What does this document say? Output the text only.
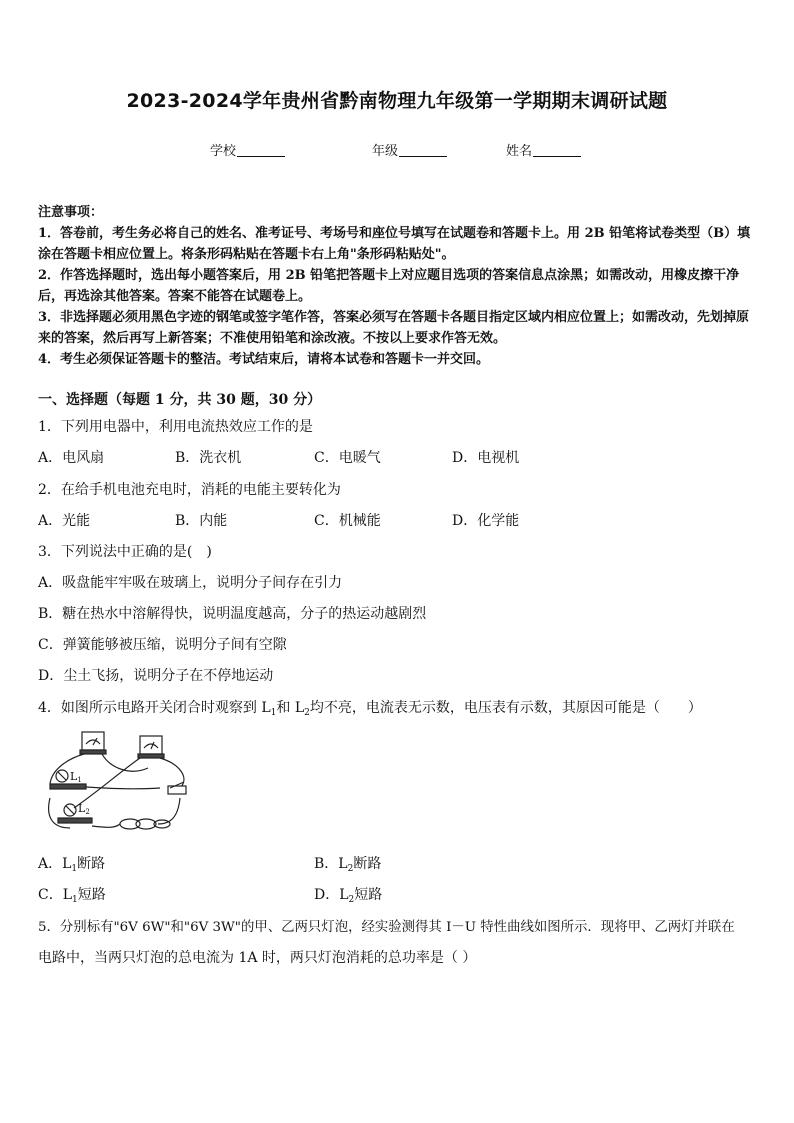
2023-2024学年贵州省黔南物理九年级第一学期期末调研试题
学校	年级	姓名

注意事项：

1．答卷前，考生务必将自己的姓名、准考证号、考场号和座位号填写在试题卷和答题卡上。用 2B 铅笔将试卷类型（B）填涂在答题卡相应位置上。将条形码粘贴在答题卡右上角"条形码粘贴处"。

2．作答选择题时，选出每小题答案后，用 2B 铅笔把答题卡上对应题目选项的答案信息点涂黑；如需改动，用橡皮擦干净后，再选涂其他答案。答案不能答在试题卷上。

3．非选择题必须用黑色字迹的钢笔或签字笔作答，答案必须写在答题卡各题目指定区域内相应位置上；如需改动，先划掉原来的答案，然后再写上新答案；不准使用铅笔和涂改液。不按以上要求作答无效。

4．考生必须保证答题卡的整洁。考试结束后，请将本试卷和答题卡一并交回。

一、选择题（每题 1 分，共 30 题，30 分）
1．下列用电器中，利用电流热效应工作的是
A．电风扇	B．洗衣机	C．电暖气	D．电视机
2．在给手机电池充电时，消耗的电能主要转化为
A．光能	B．内能	C．机械能	D．化学能
3．下列说法中正确的是(　)
A．吸盘能牢牢吸在玻璃上，说明分子间存在引力
B．糖在热水中溶解得快，说明温度越高，分子的热运动越剧烈
C．弹簧能够被压缩，说明分子间有空隙
D．尘土飞扬，说明分子在不停地运动
4．如图所示电路开关闭合时观察到 $L_1$和 $L_2$均不亮，电流表无示数，电压表有示数，其原因可能是（　　）
L1
L2
A．$L_1$断路	B．$L_2$断路
C．$L_1$短路	D．$L_2$短路
5．分别标有"6V 6W"和"6V 3W"的甲、乙两只灯泡，经实验测得其 I－U 特性曲线如图所示．现将甲、乙两灯并联在
电路中，当两只灯泡的总电流为 1A 时，两只灯泡消耗的总功率是（ ）
